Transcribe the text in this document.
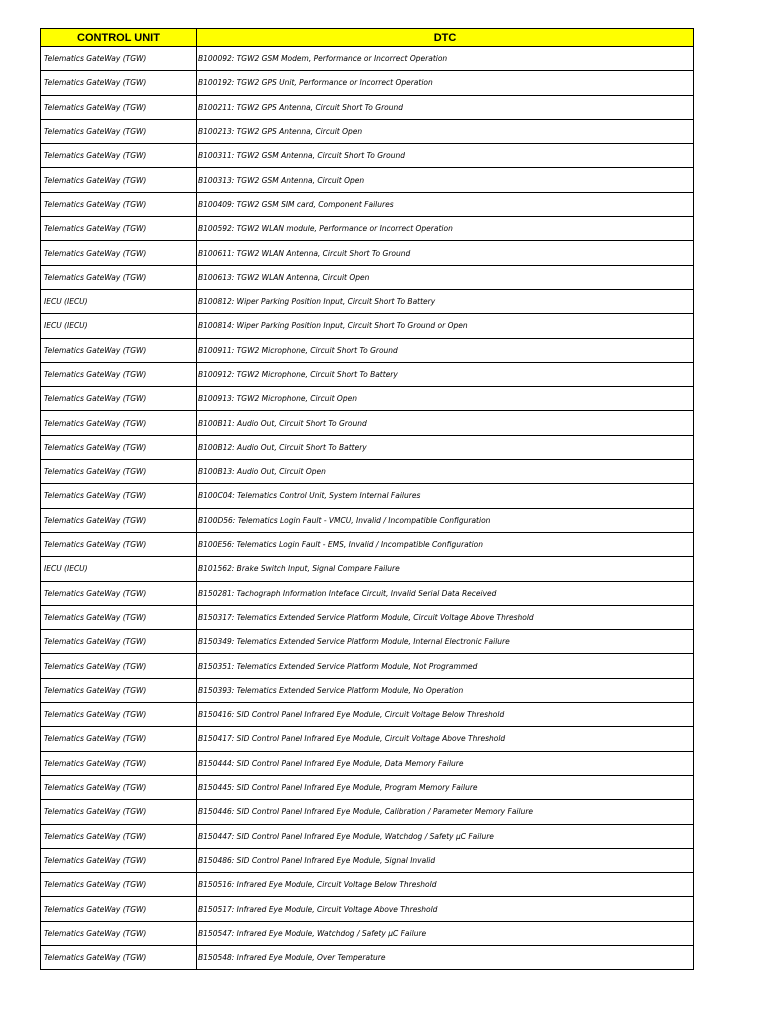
CONTROL UNIT	DTC
Telematics GateWay (TGW)	B100092: TGW2 GSM Modem, Performance or Incorrect Operation
Telematics GateWay (TGW)	B100192: TGW2 GPS Unit, Performance or Incorrect Operation
Telematics GateWay (TGW)	B100211: TGW2 GPS Antenna, Circuit Short To Ground
Telematics GateWay (TGW)	B100213: TGW2 GPS Antenna, Circuit Open
Telematics GateWay (TGW)	B100311: TGW2 GSM Antenna, Circuit Short To Ground
Telematics GateWay (TGW)	B100313: TGW2 GSM Antenna, Circuit Open
Telematics GateWay (TGW)	B100409: TGW2 GSM SIM card, Component Failures
Telematics GateWay (TGW)	B100592: TGW2 WLAN module, Performance or Incorrect Operation
Telematics GateWay (TGW)	B100611: TGW2 WLAN Antenna, Circuit Short To Ground
Telematics GateWay (TGW)	B100613: TGW2 WLAN Antenna, Circuit Open
IECU (IECU)	B100812: Wiper Parking Position Input, Circuit Short To Battery
IECU (IECU)	B100814: Wiper Parking Position Input, Circuit Short To Ground or Open
Telematics GateWay (TGW)	B100911: TGW2 Microphone, Circuit Short To Ground
Telematics GateWay (TGW)	B100912: TGW2 Microphone, Circuit Short To Battery
Telematics GateWay (TGW)	B100913: TGW2 Microphone, Circuit Open
Telematics GateWay (TGW)	B100B11: Audio Out, Circuit Short To Ground
Telematics GateWay (TGW)	B100B12: Audio Out, Circuit Short To Battery
Telematics GateWay (TGW)	B100B13: Audio Out, Circuit Open
Telematics GateWay (TGW)	B100C04: Telematics Control Unit, System Internal Failures
Telematics GateWay (TGW)	B100D56: Telematics Login Fault - VMCU, Invalid / Incompatible Configuration
Telematics GateWay (TGW)	B100E56: Telematics Login Fault - EMS, Invalid / Incompatible Configuration
IECU (IECU)	B101562: Brake Switch Input, Signal Compare Failure
Telematics GateWay (TGW)	B150281: Tachograph Information Inteface Circuit, Invalid Serial Data Received
Telematics GateWay (TGW)	B150317: Telematics Extended Service Platform Module, Circuit Voltage Above Threshold
Telematics GateWay (TGW)	B150349: Telematics Extended Service Platform Module, Internal Electronic Failure
Telematics GateWay (TGW)	B150351: Telematics Extended Service Platform Module, Not Programmed
Telematics GateWay (TGW)	B150393: Telematics Extended Service Platform Module, No Operation
Telematics GateWay (TGW)	B150416: SID Control Panel Infrared Eye Module, Circuit Voltage Below Threshold
Telematics GateWay (TGW)	B150417: SID Control Panel Infrared Eye Module, Circuit Voltage Above Threshold
Telematics GateWay (TGW)	B150444: SID Control Panel Infrared Eye Module, Data Memory Failure
Telematics GateWay (TGW)	B150445: SID Control Panel Infrared Eye Module, Program Memory Failure
Telematics GateWay (TGW)	B150446: SID Control Panel Infrared Eye Module, Calibration / Parameter Memory Failure
Telematics GateWay (TGW)	B150447: SID Control Panel Infrared Eye Module, Watchdog / Safety µC Failure
Telematics GateWay (TGW)	B150486: SID Control Panel Infrared Eye Module, Signal Invalid
Telematics GateWay (TGW)	B150516: Infrared Eye Module, Circuit Voltage Below Threshold
Telematics GateWay (TGW)	B150517: Infrared Eye Module, Circuit Voltage Above Threshold
Telematics GateWay (TGW)	B150547: Infrared Eye Module, Watchdog / Safety µC Failure
Telematics GateWay (TGW)	B150548: Infrared Eye Module, Over Temperature
